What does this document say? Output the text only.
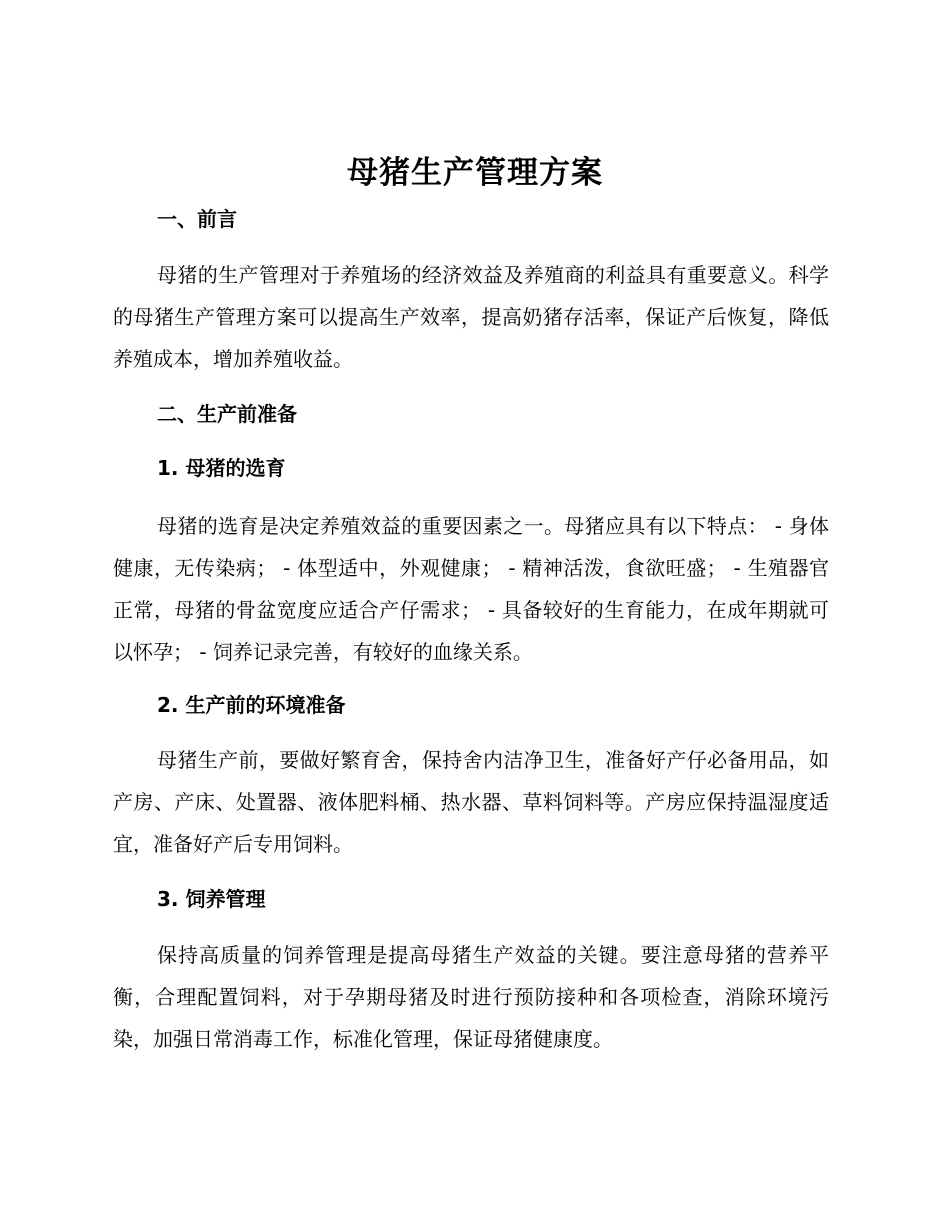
母猪生产管理方案
一、前言
母猪的生产管理对于养殖场的经济效益及养殖商的利益具有重要意义。科学的母猪生产管理方案可以提高生产效率，提高奶猪存活率，保证产后恢复，降低养殖成本，增加养殖收益。
二、生产前准备
1. 母猪的选育
母猪的选育是决定养殖效益的重要因素之一。母猪应具有以下特点： - 身体健康，无传染病； - 体型适中，外观健康； - 精神活泼，食欲旺盛； - 生殖器官正常，母猪的骨盆宽度应适合产仔需求； - 具备较好的生育能力，在成年期就可以怀孕； - 饲养记录完善，有较好的血缘关系。
2. 生产前的环境准备
母猪生产前，要做好繁育舍，保持舍内洁净卫生，准备好产仔必备用品，如产房、产床、处置器、液体肥料桶、热水器、草料饲料等。产房应保持温湿度适宜，准备好产后专用饲料。
3. 饲养管理
保持高质量的饲养管理是提高母猪生产效益的关键。要注意母猪的营养平衡，合理配置饲料，对于孕期母猪及时进行预防接种和各项检查，消除环境污染，加强日常消毒工作，标准化管理，保证母猪健康度。
